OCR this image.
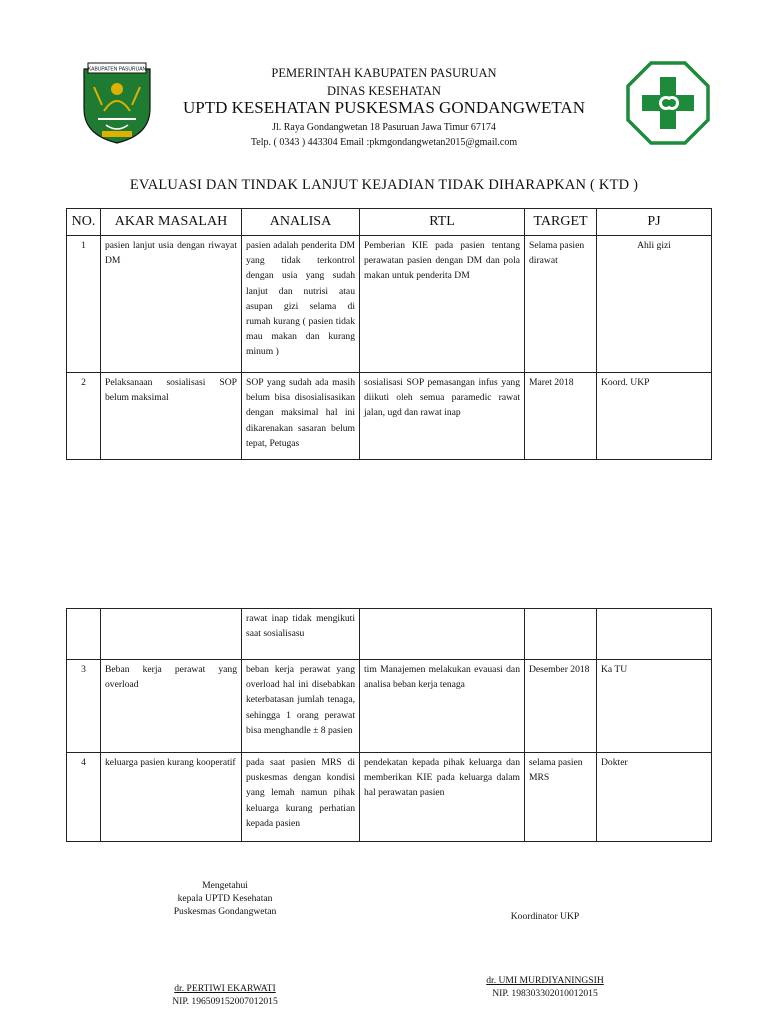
KABUPATEN PASURUAN	PEMERINTAH KABUPATEN PASURUAN
DINAS KESEHATAN
UPTD KESEHATAN PUSKESMAS GONDANGWETAN
Jl. Raya Gondangwetan 18 Pasuruan Jawa Timur 67174
Telp. ( 0343 ) 443304 Email :pkmgondangwetan2015@gmail.com
EVALUASI DAN TINDAK LANJUT KEJADIAN TIDAK DIHARAPKAN ( KTD )
NO.	AKAR MASALAH	ANALISA	RTL	TARGET	PJ
1	pasien lanjut usia dengan riwayat DM	pasien adalah penderita DM yang tidak terkontrol dengan usia yang sudah lanjut dan nutrisi atau asupan gizi selama di rumah kurang ( pasien tidak mau makan dan kurang minum )	Pemberian KIE pada pasien tentang perawatan pasien dengan DM dan pola makan untuk penderita DM	Selama pasien dirawat	Ahli gizi
2	Pelaksanaan sosialisasi SOP belum maksimal	SOP yang sudah ada masih belum bisa disosialisasikan dengan maksimal hal ini dikarenakan sasaran belum tepat, Petugas	sosialisasi SOP pemasangan infus yang diikuti oleh semua paramedic rawat jalan, ugd dan rawat inap	Maret 2018	Koord. UKP
		rawat inap tidak mengikuti saat sosialisasu			
3	Beban kerja perawat yang overload	beban kerja perawat yang overload hal ini disebabkan keterbatasan jumlah tenaga, sehingga 1 orang perawat bisa menghandle ± 8 pasien	tim Manajemen melakukan evauasi dan analisa beban kerja tenaga	Desember 2018	Ka TU
4	keluarga pasien kurang kooperatif	pada saat pasien MRS di puskesmas dengan kondisi yang lemah namun pihak keluarga kurang perhatian kepada pasien	pendekatan kepada pihak keluarga dan memberikan KIE pada keluarga dalam hal perawatan pasien	selama pasien MRS	Dokter
Mengetahui
kepala UPTD Kesehatan
Puskesmas Gondangwetan	Koordinator UKP
dr. PERTIWI EKARWATI
NIP. 196509152007012015
dr. UMI MURDIYANINGSIH
NIP. 198303302010012015
